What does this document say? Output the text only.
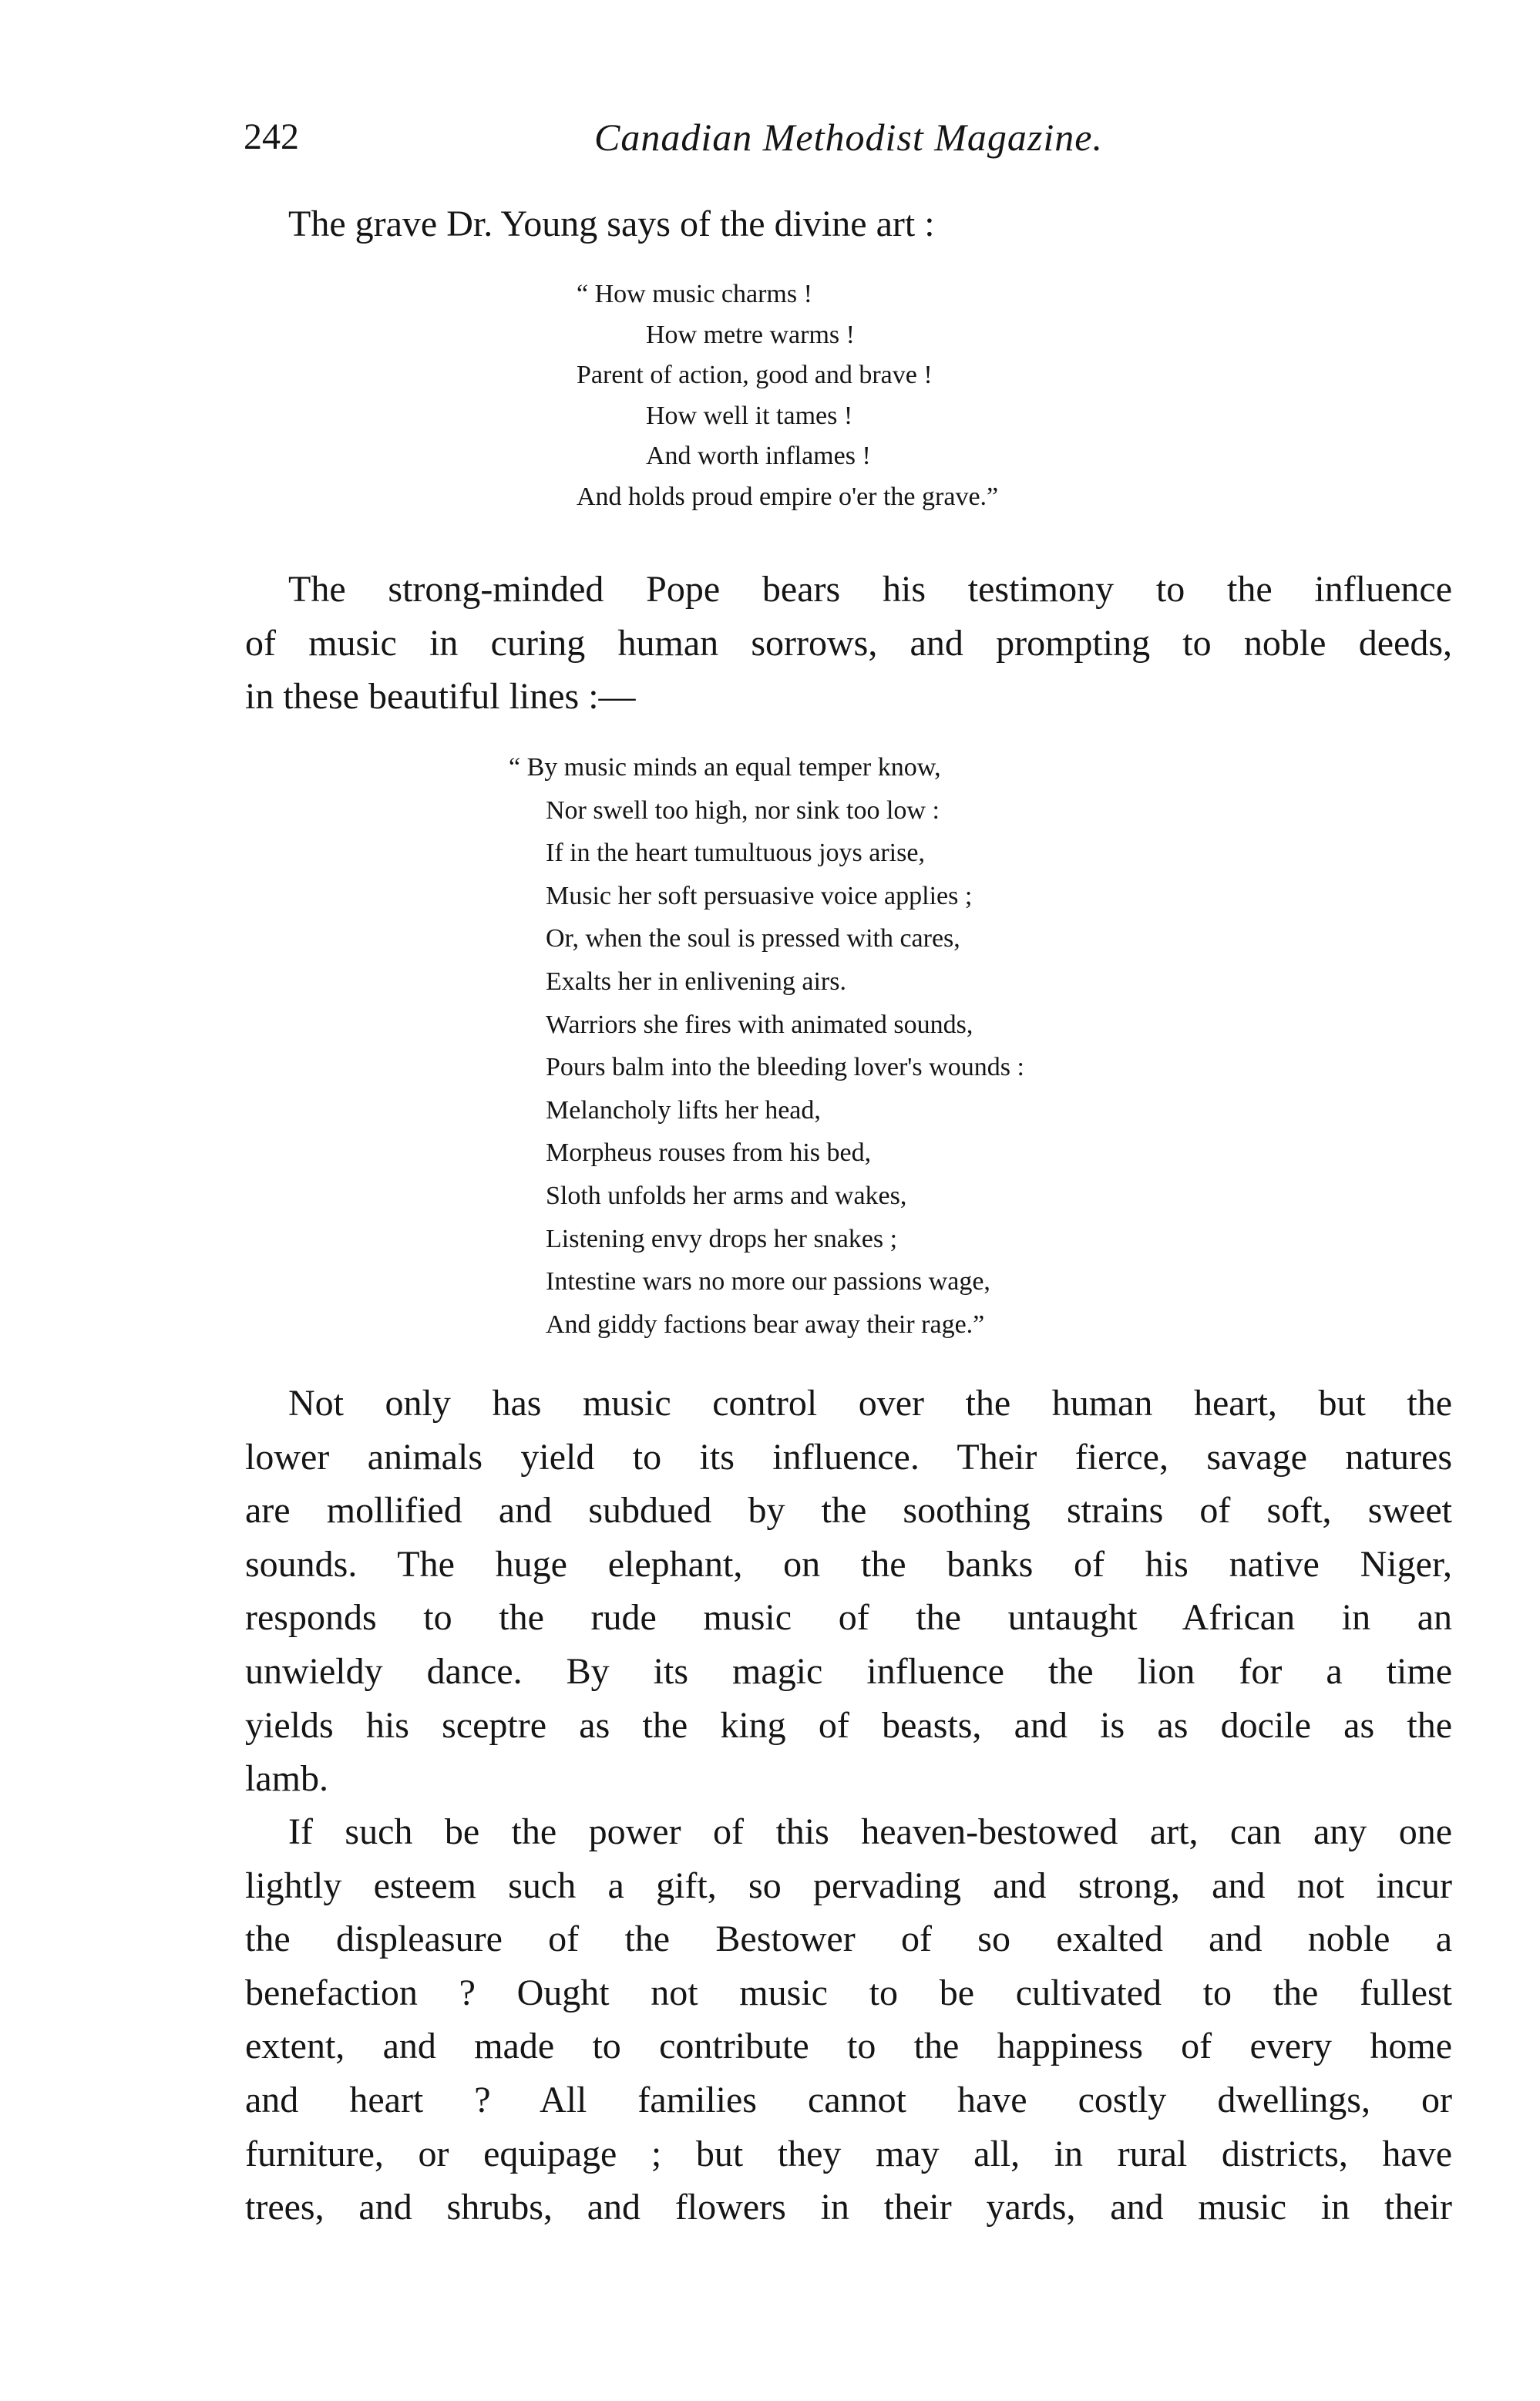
242	Canadian Methodist Magazine.
The grave Dr. Young says of the divine art :
“ How music charms !
How metre warms !
Parent of action, good and brave !
How well it tames !
And worth inflames !
And holds proud empire o'er the grave.”
The strong-minded Pope bears his testimony to the influence
of music in curing human sorrows, and prompting to noble deeds,
in these beautiful lines :—
“ By music minds an equal temper know,
Nor swell too high, nor sink too low :
If in the heart tumultuous joys arise,
Music her soft persuasive voice applies ;
Or, when the soul is pressed with cares,
Exalts her in enlivening airs.
Warriors she fires with animated sounds,
Pours balm into the bleeding lover's wounds :
Melancholy lifts her head,
Morpheus rouses from his bed,
Sloth unfolds her arms and wakes,
Listening envy drops her snakes ;
Intestine wars no more our passions wage,
And giddy factions bear away their rage.”
Not only has music control over the human heart, but the
lower animals yield to its influence. Their fierce, savage natures
are mollified and subdued by the soothing strains of soft, sweet
sounds. The huge elephant, on the banks of his native Niger,
responds to the rude music of the untaught African in an
unwieldy dance. By its magic influence the lion for a time
yields his sceptre as the king of beasts, and is as docile as the
lamb.
If such be the power of this heaven-bestowed art, can any one
lightly esteem such a gift, so pervading and strong, and not incur
the displeasure of the Bestower of so exalted and noble a
benefaction ? Ought not music to be cultivated to the fullest
extent, and made to contribute to the happiness of every home
and heart ? All families cannot have costly dwellings, or
furniture, or equipage ; but they may all, in rural districts, have
trees, and shrubs, and flowers in their yards, and music in their
